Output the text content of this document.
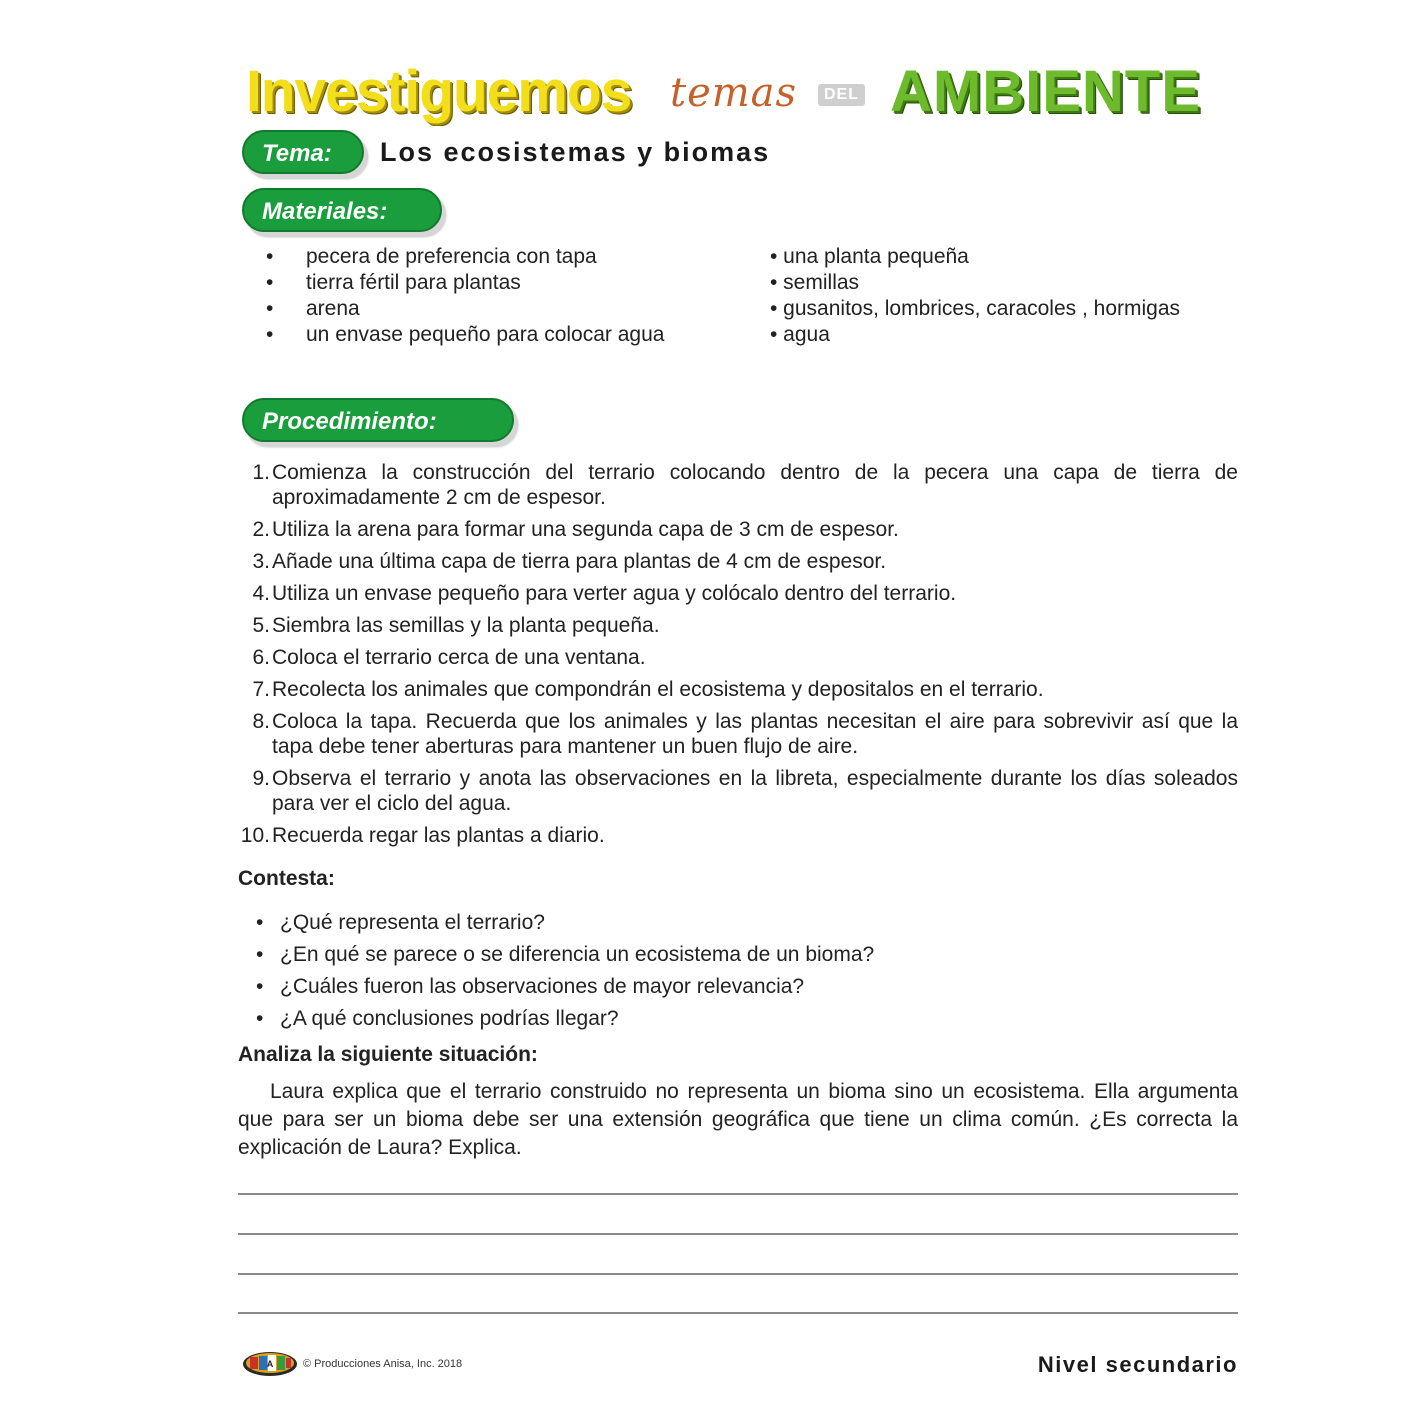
Investiguemos temas	DEL AMBIENTE
Tema:	Los ecosistemas y biomas
Materiales:
• pecera de preferencia con tapa
• tierra fértil para plantas
• arena
• un envase pequeño para colocar agua
• una planta pequeña
• semillas
• gusanitos, lombrices, caracoles , hormigas
• agua
Procedimiento:
1. Comienza la construcción del terrario colocando dentro de la pecera una capa de tierra de aproximadamente 2 cm de espesor.
2. Utiliza la arena para formar una segunda capa de 3 cm de espesor.
3. Añade una última capa de tierra para plantas de 4 cm de espesor.
4. Utiliza un envase pequeño para verter agua y colócalo dentro del terrario.
5. Siembra las semillas y la planta pequeña.
6. Coloca el terrario cerca de una ventana.
7. Recolecta los animales que compondrán el ecosistema y depositalos en el terrario.
8. Coloca la tapa. Recuerda que los animales y las plantas necesitan el aire para sobrevivir así que la tapa debe tener aberturas para mantener un buen flujo de aire.
9. Observa el terrario y anota las observaciones en la libreta, especialmente durante los días soleados para ver el ciclo del agua.
10. Recuerda regar las plantas a diario.
Contesta:
• ¿Qué representa el terrario?
• ¿En qué se parece o se diferencia un ecosistema de un bioma?
• ¿Cuáles fueron las observaciones de mayor relevancia?
• ¿A qué conclusiones podrías llegar?
Analiza la siguiente situación:

Laura explica que el terrario construido no representa un bioma sino un ecosistema. Ella argumenta que para ser un bioma debe ser una extensión geográfica que tiene un clima común. ¿Es correcta la explicación de Laura? Explica.

A	© Producciones Anisa, Inc. 2018	Nivel secundario
